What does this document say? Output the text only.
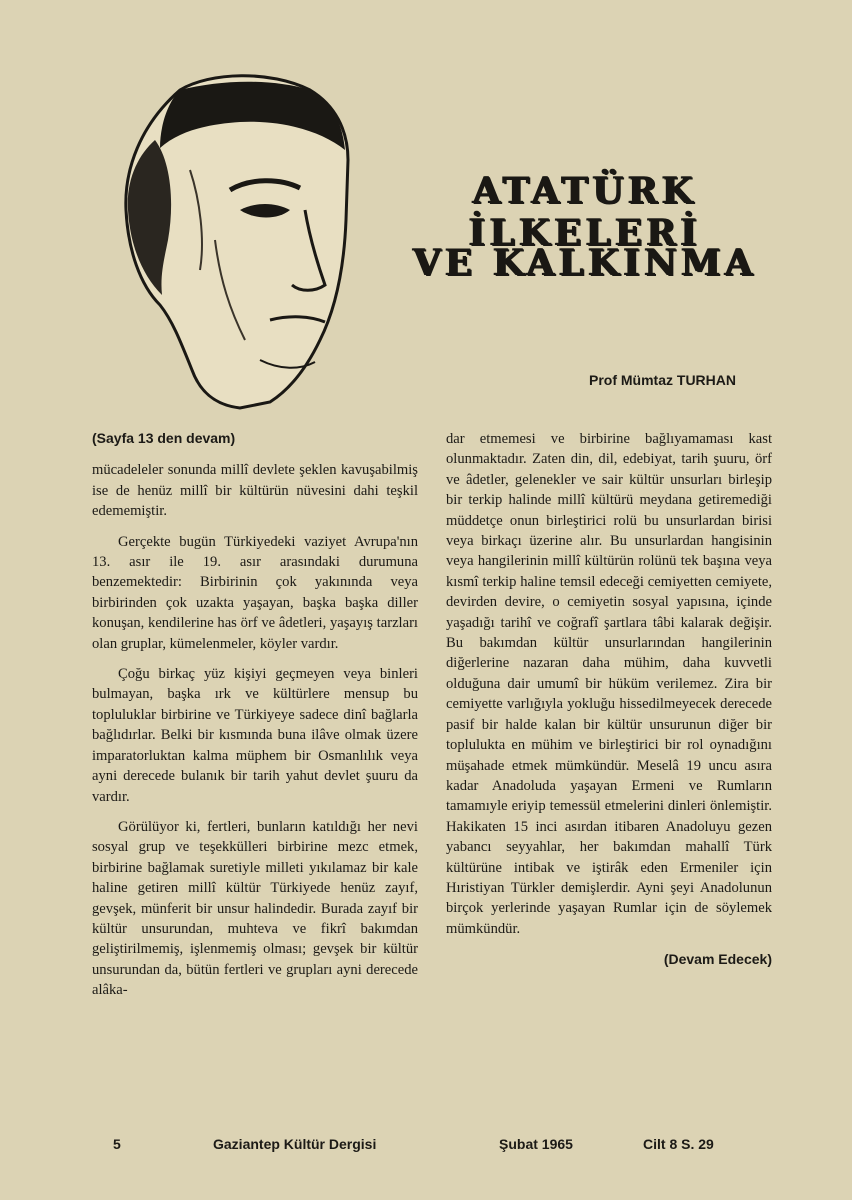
ATATÜRK İLKELERİ
VE KALKINMA
Prof Mümtaz TURHAN

(Sayfa 13 den devam)

mücadeleler sonunda millî devlete şeklen kavuşabilmiş ise de henüz millî bir kültürün nüvesini dahi teşkil edememiştir.

Gerçekte bugün Türkiyedeki vaziyet Avrupa'nın 13. asır ile 19. asır arasındaki durumuna benzemektedir: Birbirinin çok yakınında veya birbirinden çok uzakta yaşayan, başka başka diller konuşan, kendilerine has örf ve âdetleri, yaşayış tarzları olan gruplar, kümelenmeler, köyler vardır.

Çoğu birkaç yüz kişiyi geçmeyen veya binleri bulmayan, başka ırk ve kültürlere mensup bu topluluklar birbirine ve Türkiyeye sadece dinî bağlarla bağlıdırlar. Belki bir kısmında buna ilâve olmak üzere imparatorluktan kalma müphem bir Osmanlılık veya ayni derecede bulanık bir tarih yahut devlet şuuru da vardır.

Görülüyor ki, fertleri, bunların katıldığı her nevi sosyal grup ve teşekkülleri birbirine mezc etmek, birbirine bağlamak suretiyle milleti yıkılamaz bir kale haline getiren millî kültür Türkiyede henüz zayıf, gevşek, münferit bir unsur halindedir. Burada zayıf bir kültür unsurundan, muhteva ve fikrî bakımdan geliştirilmemiş, işlenmemiş olması; gevşek bir kültür unsurundan da, bütün fertleri ve grupları ayni derecede alâka-

dar etmemesi ve birbirine bağlıyamaması kast olunmaktadır. Zaten din, dil, edebiyat, tarih şuuru, örf ve âdetler, gelenekler ve sair kültür unsurları birleşip bir terkip halinde millî kültürü meydana getiremediği müddetçe onun birleştirici rolü bu unsurlardan birisi veya birkaçı üzerine alır. Bu unsurlardan hangisinin veya hangilerinin millî kültürün rolünü tek başına veya kısmî terkip haline temsil edeceği cemiyetten cemiyete, devirden devire, o cemiyetin sosyal yapısına, içinde yaşadığı tarihî ve coğrafî şartlara tâbi kalarak değişir. Bu bakımdan kültür unsurlarından hangilerinin diğerlerine nazaran daha mühim, daha kuvvetli olduğuna dair umumî bir hüküm verilemez. Zira bir cemiyette varlığıyla yokluğu hissedilmeyecek derecede pasif bir halde kalan bir kültür unsurunun diğer bir toplulukta en mühim ve birleştirici bir rol oynadığını müşahade etmek mümkündür. Meselâ 19 uncu asıra kadar Anadoluda yaşayan Ermeni ve Rumların tamamıyle eriyip temessül etmelerini dinleri önlemiştir. Hakikaten 15 inci asırdan itibaren Anadoluyu gezen yabancı seyyahlar, her bakımdan mahallî Türk kültürüne intibak ve iştirâk eden Ermeniler için Hıristiyan Türkler demişlerdir. Ayni şeyi Anadolunun birçok yerlerinde yaşayan Rumlar için de söylemek mümkündür.

(Devam Edecek)

5	Gaziantep Kültür Dergisi	Şubat 1965	Cilt 8 S. 29
